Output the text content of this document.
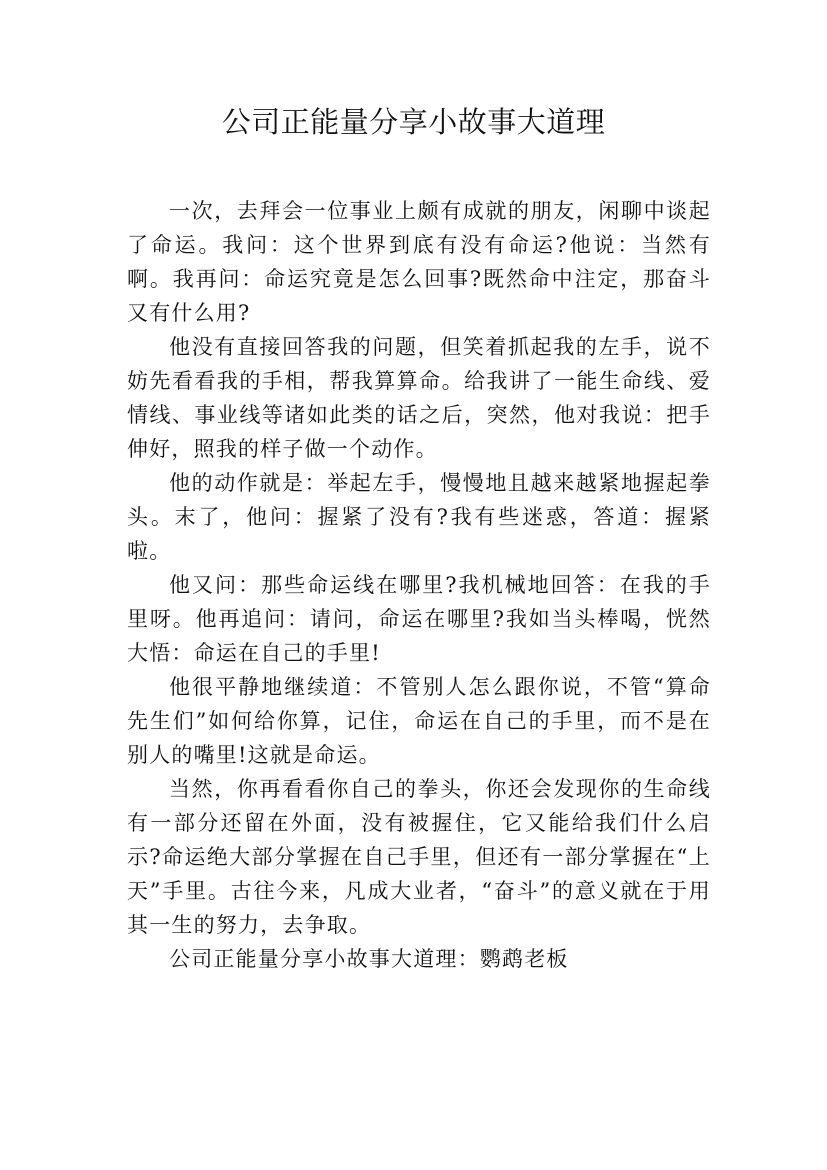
公司正能量分享小故事大道理

一次，去拜会一位事业上颇有成就的朋友，闲聊中谈起了命运。我问：这个世界到底有没有命运?他说：当然有啊。我再问：命运究竟是怎么回事?既然命中注定，那奋斗又有什么用?

他没有直接回答我的问题，但笑着抓起我的左手，说不妨先看看我的手相，帮我算算命。给我讲了一能生命线、爱情线、事业线等诸如此类的话之后，突然，他对我说：把手伸好，照我的样子做一个动作。

他的动作就是：举起左手，慢慢地且越来越紧地握起拳头。末了，他问：握紧了没有?我有些迷惑，答道：握紧啦。

他又问：那些命运线在哪里?我机械地回答：在我的手里呀。他再追问：请问，命运在哪里?我如当头棒喝，恍然大悟：命运在自己的手里!

他很平静地继续道：不管别人怎么跟你说，不管“算命先生们”如何给你算，记住，命运在自己的手里，而不是在别人的嘴里!这就是命运。

当然，你再看看你自己的拳头，你还会发现你的生命线有一部分还留在外面，没有被握住，它又能给我们什么启示?命运绝大部分掌握在自己手里，但还有一部分掌握在“上天”手里。古往今来，凡成大业者，“奋斗”的意义就在于用其一生的努力，去争取。

公司正能量分享小故事大道理：鹦鹉老板
